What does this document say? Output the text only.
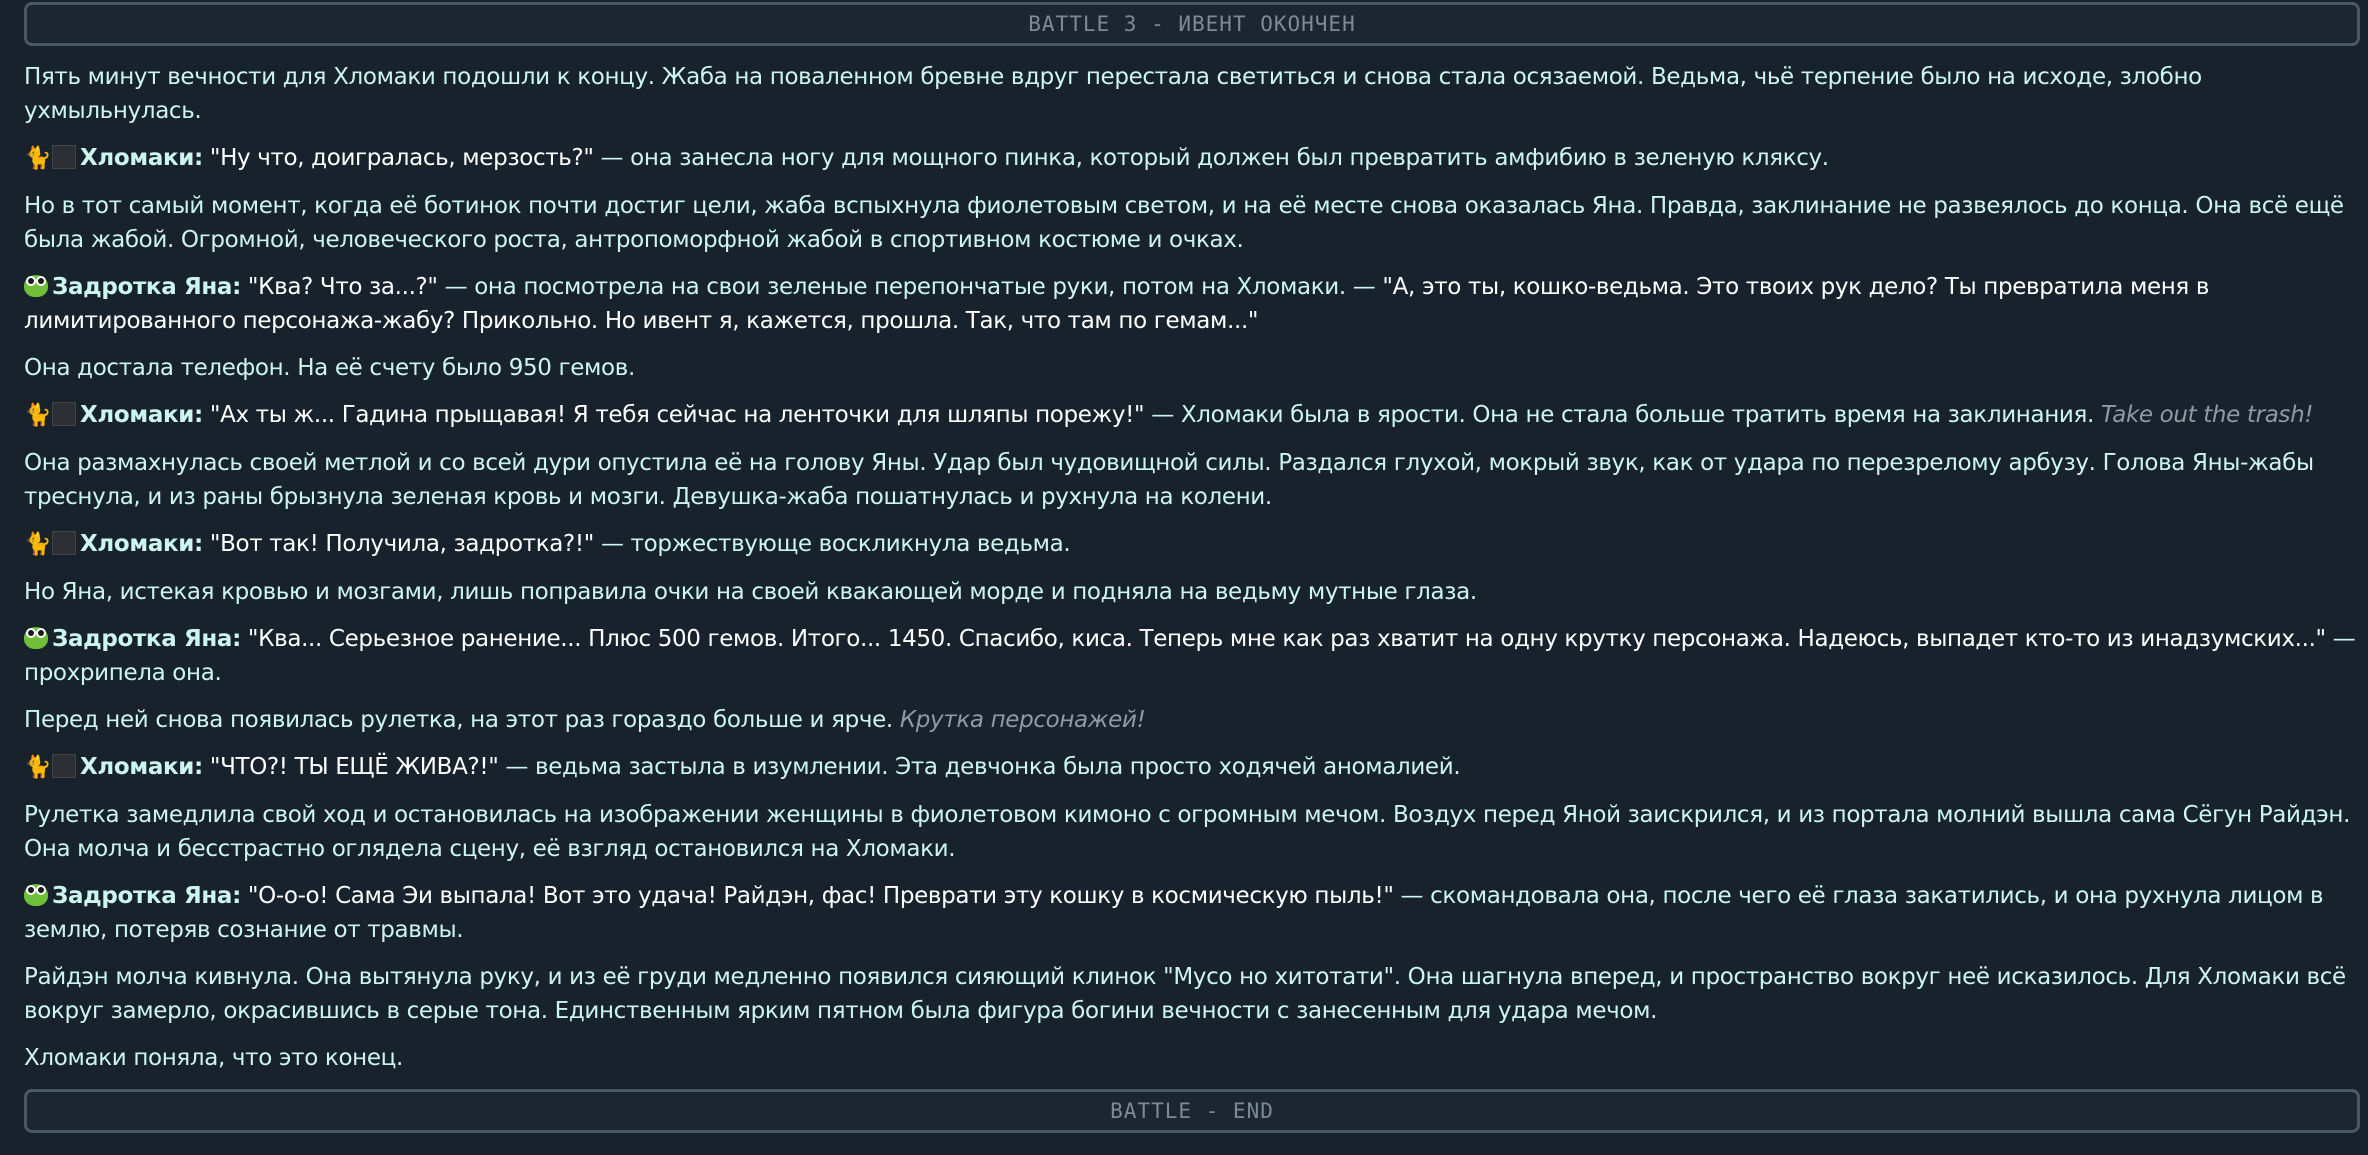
BATTLE 3 - ИВЕНТ ОКОНЧЕН

Пять минут вечности для Хломаки подошли к концу. Жаба на поваленном бревне вдруг перестала светиться и снова стала осязаемой. Ведьма, чьё терпение было на исходе, злобно ухмыльнулась.

🐈 Хломаки: "Ну что, доигралась, мерзость?" — она занесла ногу для мощного пинка, который должен был превратить амфибию в зеленую кляксу.

Но в тот самый момент, когда её ботинок почти достиг цели, жаба вспыхнула фиолетовым светом, и на её месте снова оказалась Яна. Правда, заклинание не развеялось до конца. Она всё ещё была жабой. Огромной, человеческого роста, антропоморфной жабой в спортивном костюме и очках.

Задротка Яна: "Ква? Что за...?" — она посмотрела на свои зеленые перепончатые руки, потом на Хломаки. — "А, это ты, кошко-ведьма. Это твоих рук дело? Ты превратила меня в лимитированного персонажа-жабу? Прикольно. Но ивент я, кажется, прошла. Так, что там по гемам..."

Она достала телефон. На её счету было 950 гемов.

🐈 Хломаки: "Ах ты ж... Гадина прыщавая! Я тебя сейчас на ленточки для шляпы порежу!" — Хломаки была в ярости. Она не стала больше тратить время на заклинания. Take out the trash!

Она размахнулась своей метлой и со всей дури опустила её на голову Яны. Удар был чудовищной силы. Раздался глухой, мокрый звук, как от удара по перезрелому арбузу. Голова Яны-жабы треснула, и из раны брызнула зеленая кровь и мозги. Девушка-жаба пошатнулась и рухнула на колени.

🐈 Хломаки: "Вот так! Получила, задротка?!" — торжествующе воскликнула ведьма.

Но Яна, истекая кровью и мозгами, лишь поправила очки на своей квакающей морде и подняла на ведьму мутные глаза.

Задротка Яна: "Ква... Серьезное ранение... Плюс 500 гемов. Итого... 1450. Спасибо, киса. Теперь мне как раз хватит на одну крутку персонажа. Надеюсь, выпадет кто-то из инадзумских..." — прохрипела она.

Перед ней снова появилась рулетка, на этот раз гораздо больше и ярче. Крутка персонажей!

🐈 Хломаки: "ЧТО?! ТЫ ЕЩЁ ЖИВА?!" — ведьма застыла в изумлении. Эта девчонка была просто ходячей аномалией.

Рулетка замедлила свой ход и остановилась на изображении женщины в фиолетовом кимоно с огромным мечом. Воздух перед Яной заискрился, и из портала молний вышла сама Сёгун Райдэн. Она молча и бесстрастно оглядела сцену, её взгляд остановился на Хломаки.

Задротка Яна: "О-о-о! Сама Эи выпала! Вот это удача! Райдэн, фас! Преврати эту кошку в космическую пыль!" — скомандовала она, после чего её глаза закатились, и она рухнула лицом в землю, потеряв сознание от травмы.

Райдэн молча кивнула. Она вытянула руку, и из её груди медленно появился сияющий клинок "Мусо но хитотати". Она шагнула вперед, и пространство вокруг неё исказилось. Для Хломаки всё вокруг замерло, окрасившись в серые тона. Единственным ярким пятном была фигура богини вечности с занесенным для удара мечом.

Хломаки поняла, что это конец.

BATTLE - END
